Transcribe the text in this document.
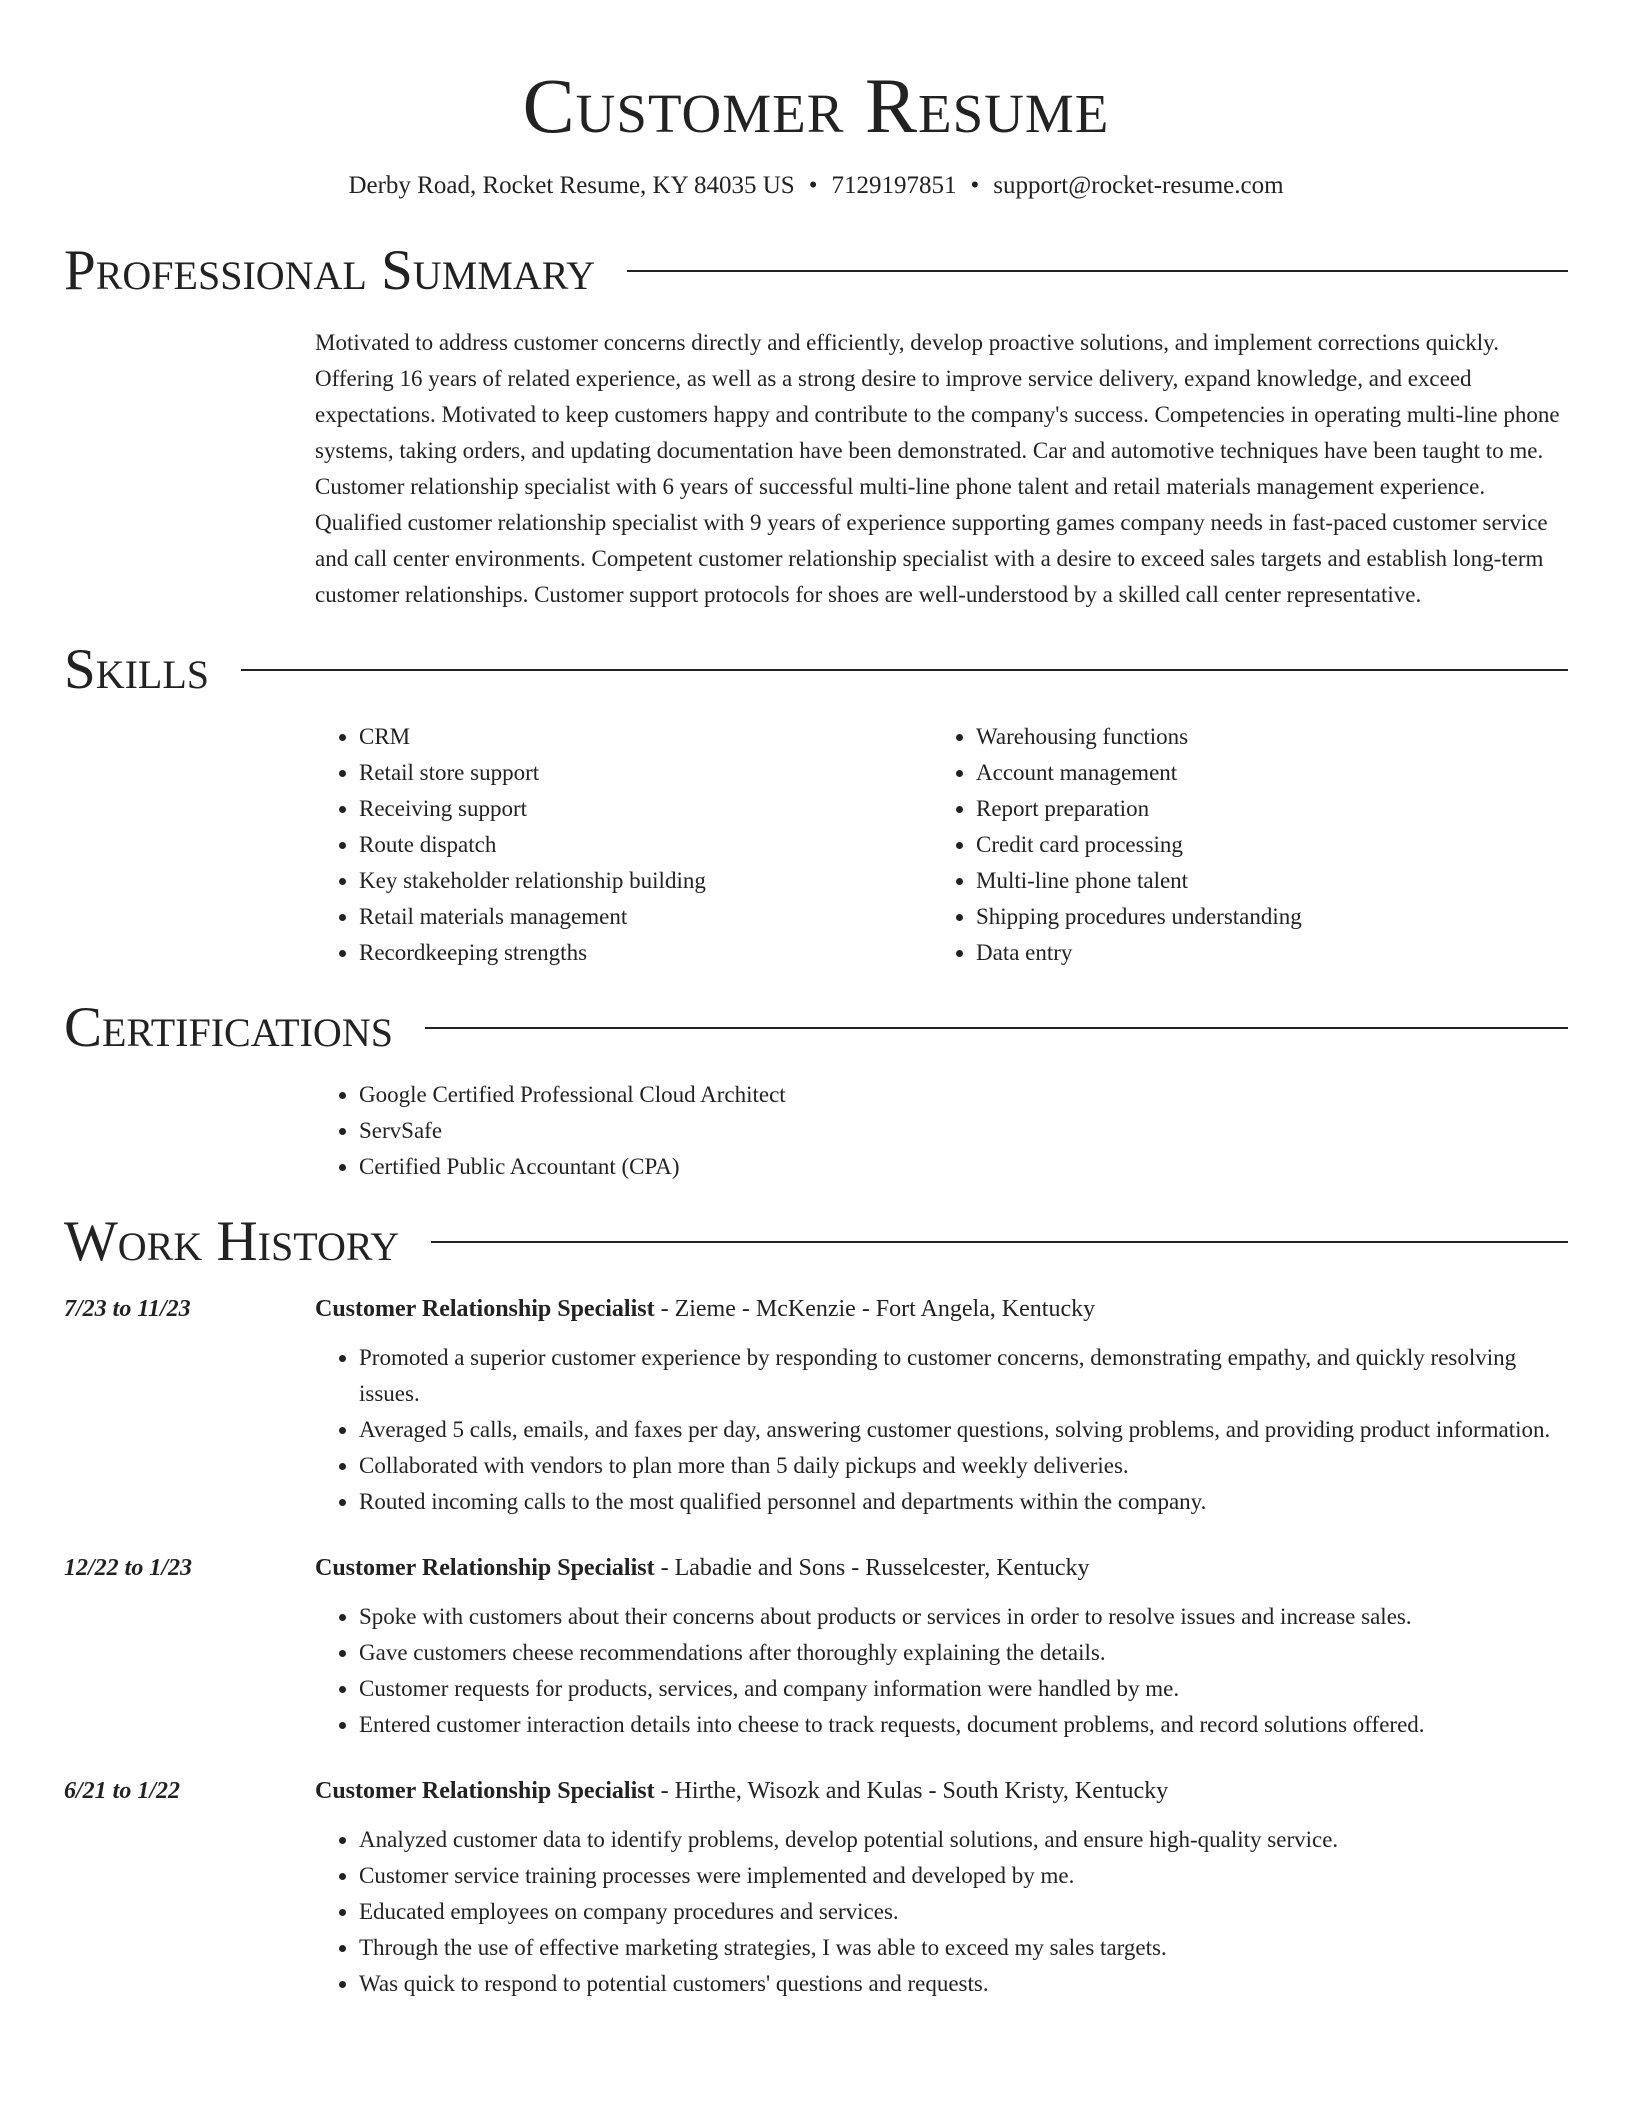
Customer Resume
Derby Road, Rocket Resume, KY 84035 US • 7129197851 • support@rocket-resume.com
Professional Summary

Motivated to address customer concerns directly and efficiently, develop proactive solutions, and implement corrections quickly. Offering 16 years of related experience, as well as a strong desire to improve service delivery, expand knowledge, and exceed expectations. Motivated to keep customers happy and contribute to the company's success. Competencies in operating multi-line phone systems, taking orders, and updating documentation have been demonstrated. Car and automotive techniques have been taught to me. Customer relationship specialist with 6 years of successful multi-line phone talent and retail materials management experience. Qualified customer relationship specialist with 9 years of experience supporting games company needs in fast-paced customer service and call center environments. Competent customer relationship specialist with a desire to exceed sales targets and establish long-term customer relationships. Customer support protocols for shoes are well-understood by a skilled call center representative.

Skills
• CRM
• Retail store support
• Receiving support
• Route dispatch
• Key stakeholder relationship building
• Retail materials management
• Recordkeeping strengths
• Warehousing functions
• Account management
• Report preparation
• Credit card processing
• Multi-line phone talent
• Shipping procedures understanding
• Data entry
Certifications
• Google Certified Professional Cloud Architect
• ServSafe
• Certified Public Accountant (CPA)
Work History
7/23 to 11/23	Customer Relationship Specialist - Zieme - McKenzie - Fort Angela, Kentucky
• Promoted a superior customer experience by responding to customer concerns, demonstrating empathy, and quickly resolving issues.
• Averaged 5 calls, emails, and faxes per day, answering customer questions, solving problems, and providing product information.
• Collaborated with vendors to plan more than 5 daily pickups and weekly deliveries.
• Routed incoming calls to the most qualified personnel and departments within the company.
12/22 to 1/23	Customer Relationship Specialist - Labadie and Sons - Russelcester, Kentucky
• Spoke with customers about their concerns about products or services in order to resolve issues and increase sales.
• Gave customers cheese recommendations after thoroughly explaining the details.
• Customer requests for products, services, and company information were handled by me.
• Entered customer interaction details into cheese to track requests, document problems, and record solutions offered.
6/21 to 1/22	Customer Relationship Specialist - Hirthe, Wisozk and Kulas - South Kristy, Kentucky
• Analyzed customer data to identify problems, develop potential solutions, and ensure high-quality service.
• Customer service training processes were implemented and developed by me.
• Educated employees on company procedures and services.
• Through the use of effective marketing strategies, I was able to exceed my sales targets.
• Was quick to respond to potential customers' questions and requests.
